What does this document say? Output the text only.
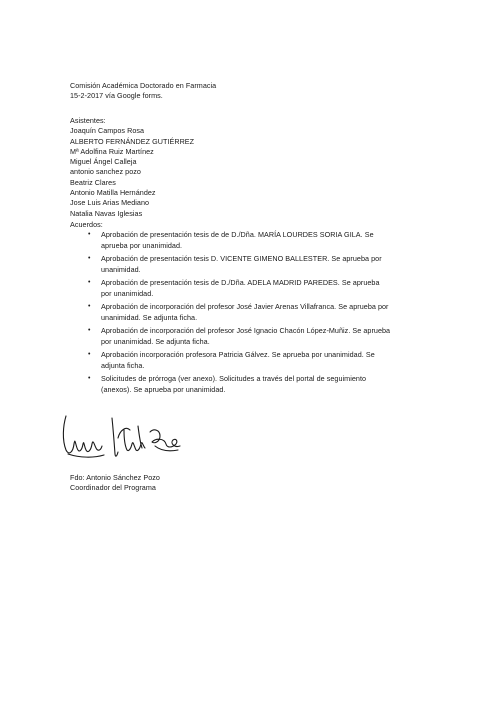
Comisión Académica Doctorado en Farmacia
15-2-2017 vía Google forms.
Asistentes:
Joaquín Campos Rosa
ALBERTO FERNÁNDEZ GUTIÉRREZ
Mª Adolfina Ruiz Martínez
Miguel Ángel Calleja
antonio sanchez pozo
Beatriz Clares
Antonio Matilla Hernández
Jose Luis Arias Mediano
Natalia Navas Iglesias
Acuerdos:
• Aprobación de presentación tesis de de D./Dña. MARÍA LOURDES SORIA GILA. Se aprueba por unanimidad.
• Aprobación de presentación tesis D. VICENTE GIMENO BALLESTER. Se aprueba por unanimidad.
• Aprobación de presentación tesis de D./Dña. ADELA MADRID PAREDES. Se aprueba por unanimidad.
• Aprobación de incorporación del profesor José Javier Arenas Villafranca. Se aprueba por unanimidad. Se adjunta ficha.
• Aprobación de incorporación del profesor José Ignacio Chacón López-Muñiz. Se aprueba por unanimidad. Se adjunta ficha.
• Aprobación incorporación profesora Patricia Gálvez. Se aprueba por unanimidad. Se adjunta ficha.
• Solicitudes de prórroga (ver anexo). Solicitudes a través del portal de seguimiento (anexos). Se aprueba por unanimidad.
Fdo: Antonio Sánchez Pozo
Coordinador del Programa
